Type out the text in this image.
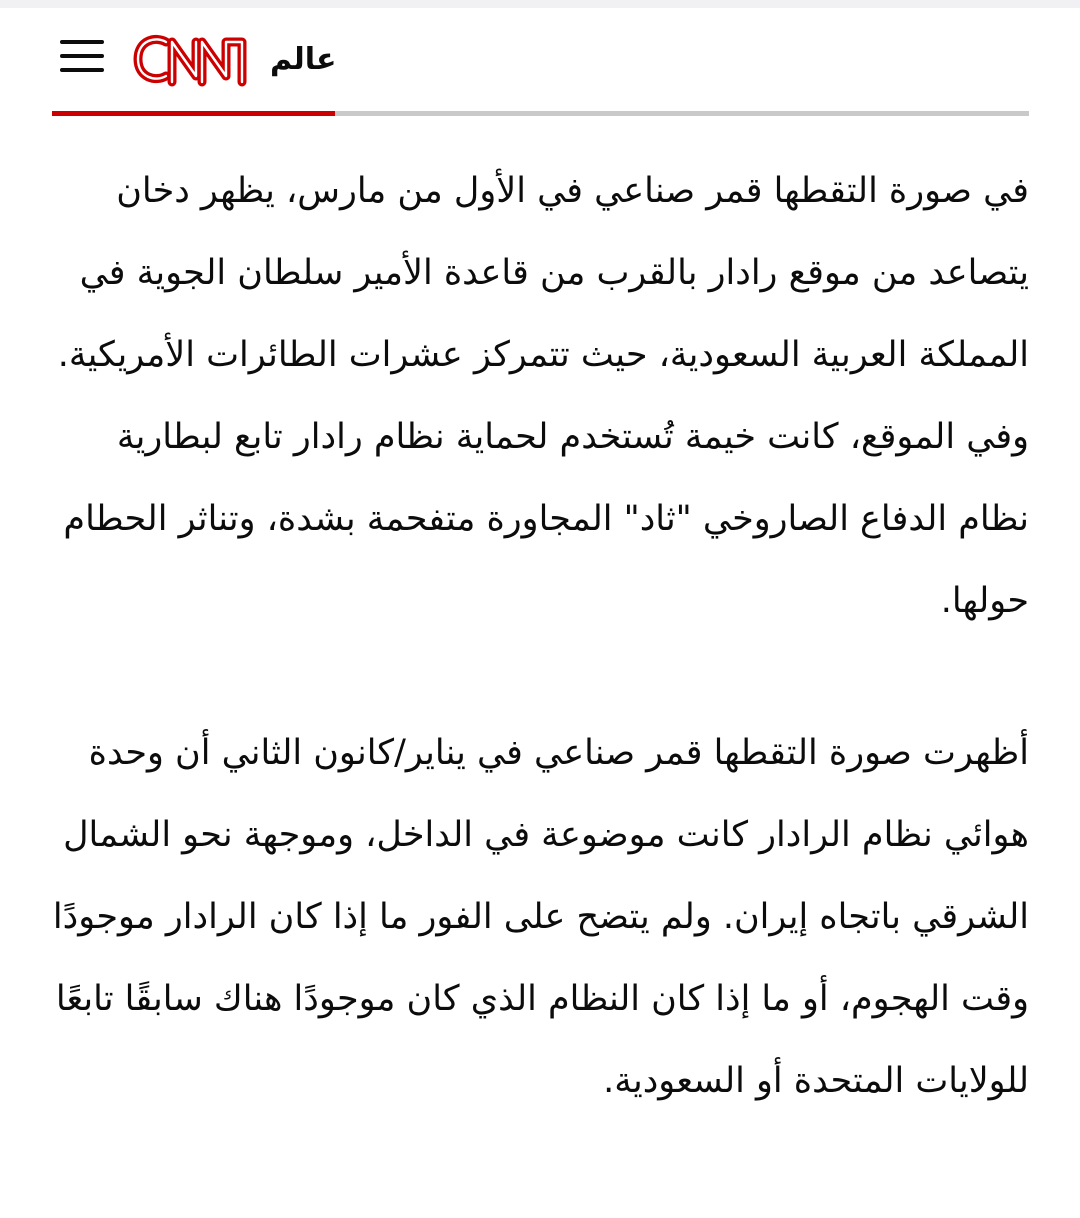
عالم

في صورة التقطها قمر صناعي في الأول من مارس، يظهر دخان يتصاعد من موقع رادار بالقرب من قاعدة الأمير سلطان الجوية في المملكة العربية السعودية، حيث تتمركز عشرات الطائرات الأمريكية. وفي الموقع، كانت خيمة تُستخدم لحماية نظام رادار تابع لبطارية نظام الدفاع الصاروخي "ثاد" المجاورة متفحمة بشدة، وتناثر الحطام حولها.

أظهرت صورة التقطها قمر صناعي في يناير/كانون الثاني أن وحدة هوائي نظام الرادار كانت موضوعة في الداخل، وموجهة نحو الشمال الشرقي باتجاه إيران. ولم يتضح على الفور ما إذا كان الرادار موجودًا وقت الهجوم، أو ما إذا كان النظام الذي كان موجودًا هناك سابقًا تابعًا للولايات المتحدة أو السعودية.
